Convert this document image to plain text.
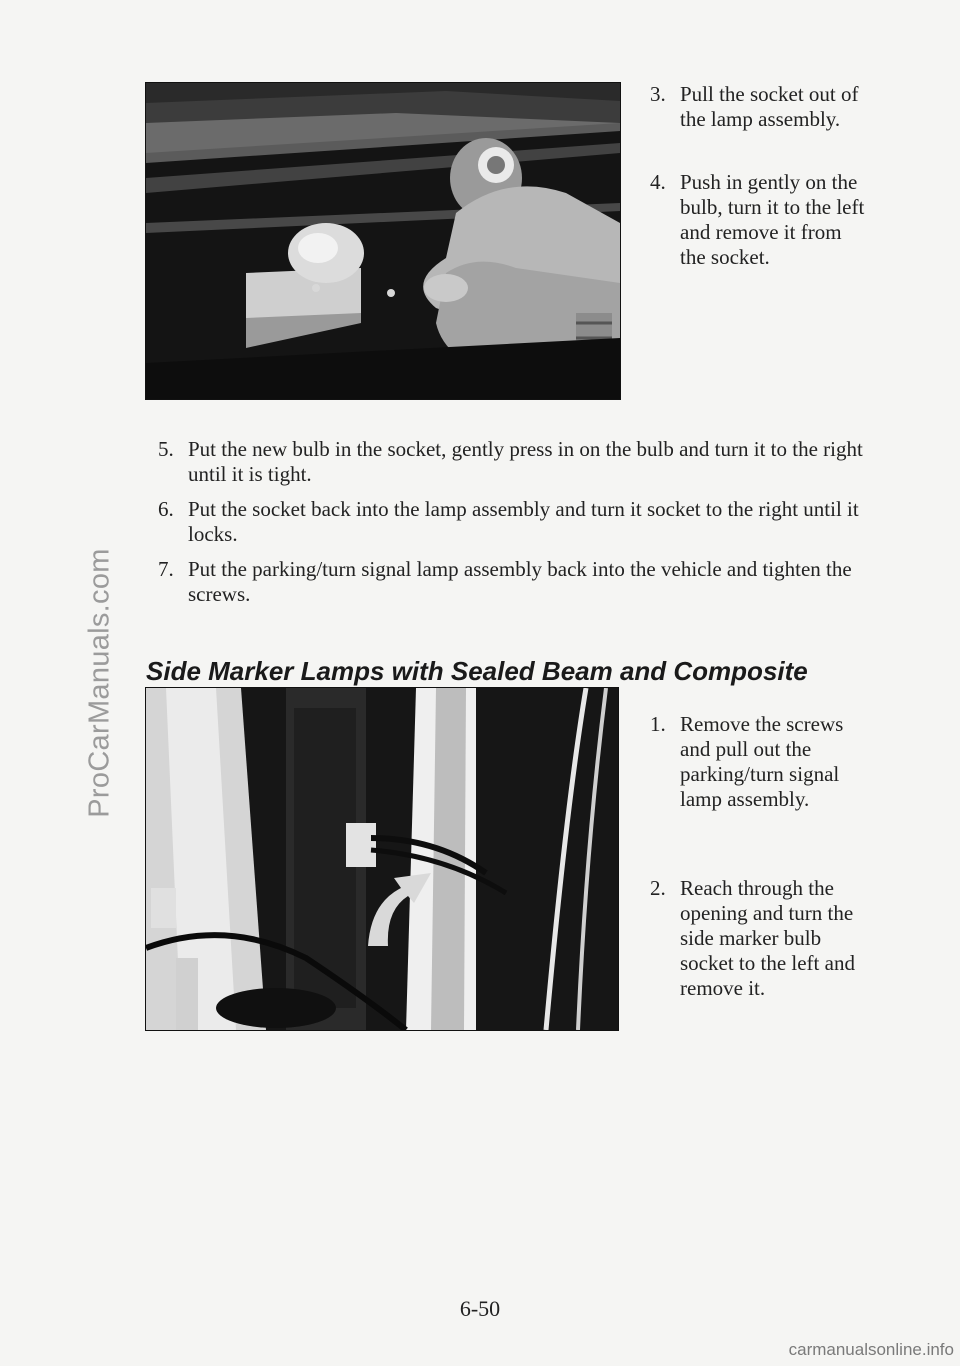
ProCarManuals.com
3. Pull the socket out of the lamp assembly.
4. Push in gently on the bulb, turn it to the left and remove it from the socket.
5. Put the new bulb in the socket, gently press in on the bulb and turn it to the right until it is tight.
6. Put the socket back into the lamp assembly and turn it socket to the right until it locks.
7. Put the parking/turn signal lamp assembly back into the vehicle and tighten the screws.
Side Marker Lamps with Sealed Beam and Composite
1. Remove the screws and pull out the parking/turn signal lamp assembly.
2. Reach through the opening and turn the side marker bulb socket to the left and remove it.
6-50
carmanualsonline.info
